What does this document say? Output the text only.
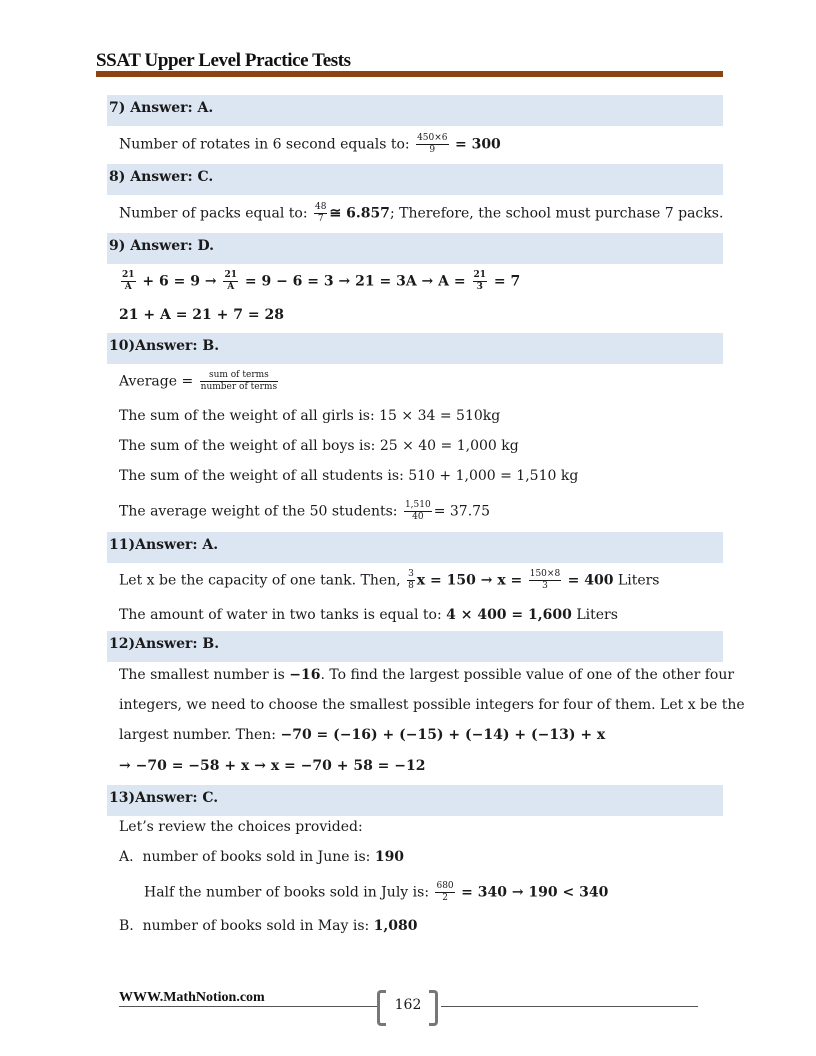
SSAT Upper Level Practice Tests
7) Answer: A.
Number of rotates in 6 second equals to: $\frac{450\times 6}{9} = 300$
8) Answer: C.
Number of packs equal to: $\frac{48}{7}$ ≅ 6.857; Therefore, the school must purchase 7 packs.
9) Answer: D.
$\frac{21}{A} + 6 = 9 \to \frac{21}{A} = 9 - 6 = 3 \to 21 = 3A \to A = \frac{21}{3} = 7$
21 + A = 21 + 7 = 28
10)Answer: B.
Average = $\frac{\text{sum of terms}}{\text{number of terms}}$
The sum of the weight of all girls is: 15 × 34 = 510kg
The sum of the weight of all boys is: 25 × 40 = 1,000 kg
The sum of the weight of all students is: 510 + 1,000 = 1,510 kg
The average weight of the 50 students: $\frac{1,510}{40} = 37.75$
11)Answer: A.
Let x be the capacity of one tank. Then, $\frac{3}{8}$ $x = 150 \to x = \frac{150\times 8}{3} = 400$ Liters
The amount of water in two tanks is equal to: 4 × 400 = 1,600 Liters
12)Answer: B.
The smallest number is −16. To find the largest possible value of one of the other four
integers, we need to choose the smallest possible integers for four of them. Let x be the
largest number. Then: −70 = (−16) + (−15) + (−14) + (−13) + x
→ −70 = −58 + x → x = −70 + 58 = −12
13)Answer: C.
Let’s review the choices provided:
A. number of books sold in June is: 190
Half the number of books sold in July is: $\frac{680}{2} = 340 \to 190 < 340$
B. number of books sold in May is: 1,080
WWW.MathNotion.com	162
